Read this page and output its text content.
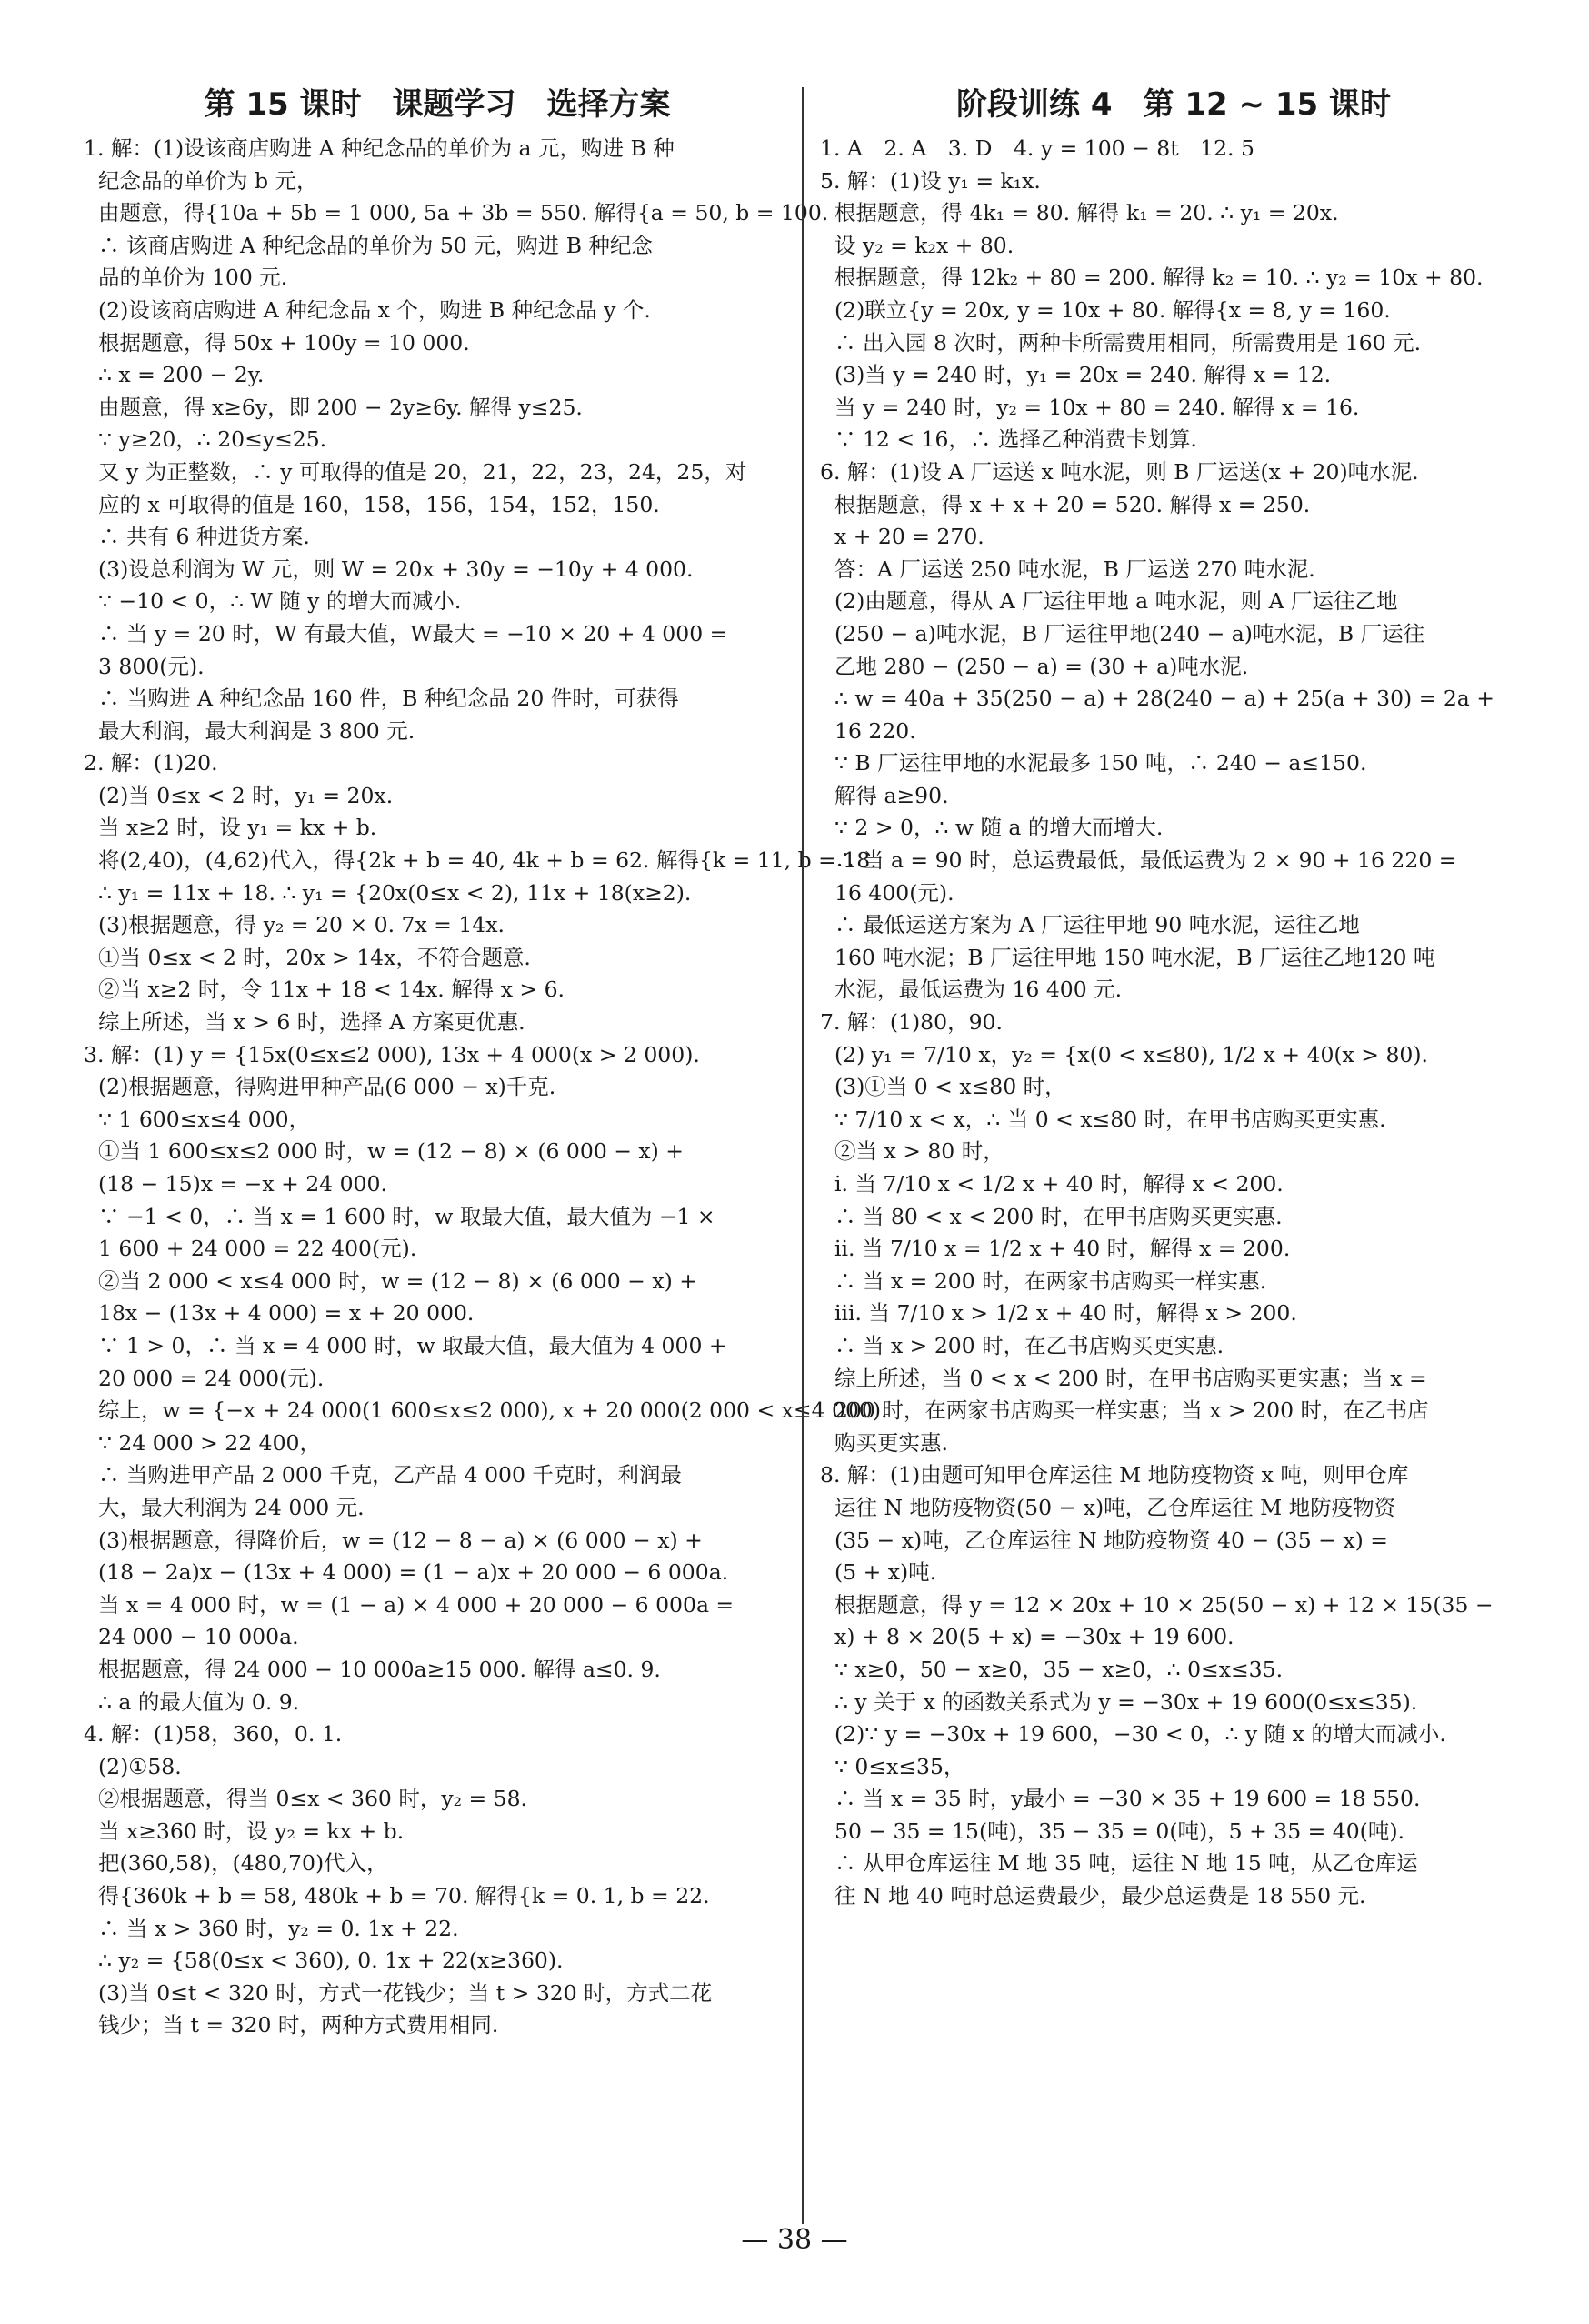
第 15 课时　课题学习　选择方案
1. 解：(1)设该商店购进 A 种纪念品的单价为 a 元，购进 B 种
纪念品的单价为 b 元，
由题意，得{10a + 5b = 1 000, 5a + 3b = 550. 解得{a = 50, b = 100.
∴ 该商店购进 A 种纪念品的单价为 50 元，购进 B 种纪念
品的单价为 100 元.
(2)设该商店购进 A 种纪念品 x 个，购进 B 种纪念品 y 个.
根据题意，得 50x + 100y = 10 000.
∴ x = 200 − 2y.
由题意，得 x≥6y，即 200 − 2y≥6y. 解得 y≤25.
∵ y≥20，∴ 20≤y≤25.
又 y 为正整数，∴ y 可取得的值是 20，21，22，23，24，25，对
应的 x 可取得的值是 160，158，156，154，152，150.
∴ 共有 6 种进货方案.
(3)设总利润为 W 元，则 W = 20x + 30y = −10y + 4 000.
∵ −10 < 0，∴ W 随 y 的增大而减小.
∴ 当 y = 20 时，W 有最大值，W最大 = −10 × 20 + 4 000 =
3 800(元).
∴ 当购进 A 种纪念品 160 件，B 种纪念品 20 件时，可获得
最大利润，最大利润是 3 800 元.
2. 解：(1)20.
(2)当 0≤x < 2 时，y₁ = 20x.
当 x≥2 时，设 y₁ = kx + b.
将(2,40)，(4,62)代入，得{2k + b = 40, 4k + b = 62. 解得{k = 11, b = 18.
∴ y₁ = 11x + 18. ∴ y₁ = {20x(0≤x < 2), 11x + 18(x≥2).
(3)根据题意，得 y₂ = 20 × 0. 7x = 14x.
①当 0≤x < 2 时，20x > 14x，不符合题意.
②当 x≥2 时，令 11x + 18 < 14x. 解得 x > 6.
综上所述，当 x > 6 时，选择 A 方案更优惠.
3. 解：(1) y = {15x(0≤x≤2 000), 13x + 4 000(x > 2 000).
(2)根据题意，得购进甲种产品(6 000 − x)千克.
∵ 1 600≤x≤4 000，
①当 1 600≤x≤2 000 时，w = (12 − 8) × (6 000 − x) +
(18 − 15)x = −x + 24 000.
∵ −1 < 0，∴ 当 x = 1 600 时，w 取最大值，最大值为 −1 ×
1 600 + 24 000 = 22 400(元).
②当 2 000 < x≤4 000 时，w = (12 − 8) × (6 000 − x) +
18x − (13x + 4 000) = x + 20 000.
∵ 1 > 0，∴ 当 x = 4 000 时，w 取最大值，最大值为 4 000 +
20 000 = 24 000(元).
综上，w = {−x + 24 000(1 600≤x≤2 000), x + 20 000(2 000 < x≤4 000).
∵ 24 000 > 22 400，
∴ 当购进甲产品 2 000 千克，乙产品 4 000 千克时，利润最
大，最大利润为 24 000 元.
(3)根据题意，得降价后，w = (12 − 8 − a) × (6 000 − x) +
(18 − 2a)x − (13x + 4 000) = (1 − a)x + 20 000 − 6 000a.
当 x = 4 000 时，w = (1 − a) × 4 000 + 20 000 − 6 000a =
24 000 − 10 000a.
根据题意，得 24 000 − 10 000a≥15 000. 解得 a≤0. 9.
∴ a 的最大值为 0. 9.
4. 解：(1)58，360，0. 1.
(2)①58.
②根据题意，得当 0≤x < 360 时，y₂ = 58.
当 x≥360 时，设 y₂ = kx + b.
把(360,58)，(480,70)代入，
得{360k + b = 58, 480k + b = 70. 解得{k = 0. 1, b = 22.
∴ 当 x > 360 时，y₂ = 0. 1x + 22.
∴ y₂ = {58(0≤x < 360), 0. 1x + 22(x≥360).
(3)当 0≤t < 320 时，方式一花钱少；当 t > 320 时，方式二花
钱少；当 t = 320 时，两种方式费用相同.
阶段训练 4　第 12 ~ 15 课时
1. A　2. A　3. D　4. y = 100 − 8t　12. 5
5. 解：(1)设 y₁ = k₁x.
根据题意，得 4k₁ = 80. 解得 k₁ = 20. ∴ y₁ = 20x.
设 y₂ = k₂x + 80.
根据题意，得 12k₂ + 80 = 200. 解得 k₂ = 10. ∴ y₂ = 10x + 80.
(2)联立{y = 20x, y = 10x + 80. 解得{x = 8, y = 160.
∴ 出入园 8 次时，两种卡所需费用相同，所需费用是 160 元.
(3)当 y = 240 时，y₁ = 20x = 240. 解得 x = 12.
当 y = 240 时，y₂ = 10x + 80 = 240. 解得 x = 16.
∵ 12 < 16，∴ 选择乙种消费卡划算.
6. 解：(1)设 A 厂运送 x 吨水泥，则 B 厂运送(x + 20)吨水泥.
根据题意，得 x + x + 20 = 520. 解得 x = 250.
x + 20 = 270.
答：A 厂运送 250 吨水泥，B 厂运送 270 吨水泥.
(2)由题意，得从 A 厂运往甲地 a 吨水泥，则 A 厂运往乙地
(250 − a)吨水泥，B 厂运往甲地(240 − a)吨水泥，B 厂运往
乙地 280 − (250 − a) = (30 + a)吨水泥.
∴ w = 40a + 35(250 − a) + 28(240 − a) + 25(a + 30) = 2a +
16 220.
∵ B 厂运往甲地的水泥最多 150 吨，∴ 240 − a≤150.
解得 a≥90.
∵ 2 > 0，∴ w 随 a 的增大而增大.
∴ 当 a = 90 时，总运费最低，最低运费为 2 × 90 + 16 220 =
16 400(元).
∴ 最低运送方案为 A 厂运往甲地 90 吨水泥，运往乙地
160 吨水泥；B 厂运往甲地 150 吨水泥，B 厂运往乙地120 吨
水泥，最低运费为 16 400 元.
7. 解：(1)80，90.
(2) y₁ = 7/10 x，y₂ = {x(0 < x≤80), 1/2 x + 40(x > 80).
(3)①当 0 < x≤80 时，
∵ 7/10 x < x，∴ 当 0 < x≤80 时，在甲书店购买更实惠.
②当 x > 80 时，
i. 当 7/10 x < 1/2 x + 40 时，解得 x < 200.
∴ 当 80 < x < 200 时，在甲书店购买更实惠.
ii. 当 7/10 x = 1/2 x + 40 时，解得 x = 200.
∴ 当 x = 200 时，在两家书店购买一样实惠.
iii. 当 7/10 x > 1/2 x + 40 时，解得 x > 200.
∴ 当 x > 200 时，在乙书店购买更实惠.
综上所述，当 0 < x < 200 时，在甲书店购买更实惠；当 x =
200 时，在两家书店购买一样实惠；当 x > 200 时，在乙书店
购买更实惠.
8. 解：(1)由题可知甲仓库运往 M 地防疫物资 x 吨，则甲仓库
运往 N 地防疫物资(50 − x)吨，乙仓库运往 M 地防疫物资
(35 − x)吨，乙仓库运往 N 地防疫物资 40 − (35 − x) =
(5 + x)吨.
根据题意，得 y = 12 × 20x + 10 × 25(50 − x) + 12 × 15(35 −
x) + 8 × 20(5 + x) = −30x + 19 600.
∵ x≥0，50 − x≥0，35 − x≥0，∴ 0≤x≤35.
∴ y 关于 x 的函数关系式为 y = −30x + 19 600(0≤x≤35).
(2)∵ y = −30x + 19 600，−30 < 0，∴ y 随 x 的增大而减小.
∵ 0≤x≤35，
∴ 当 x = 35 时，y最小 = −30 × 35 + 19 600 = 18 550.
50 − 35 = 15(吨)，35 − 35 = 0(吨)，5 + 35 = 40(吨).
∴ 从甲仓库运往 M 地 35 吨，运往 N 地 15 吨，从乙仓库运
往 N 地 40 吨时总运费最少，最少总运费是 18 550 元.
— 38 —
